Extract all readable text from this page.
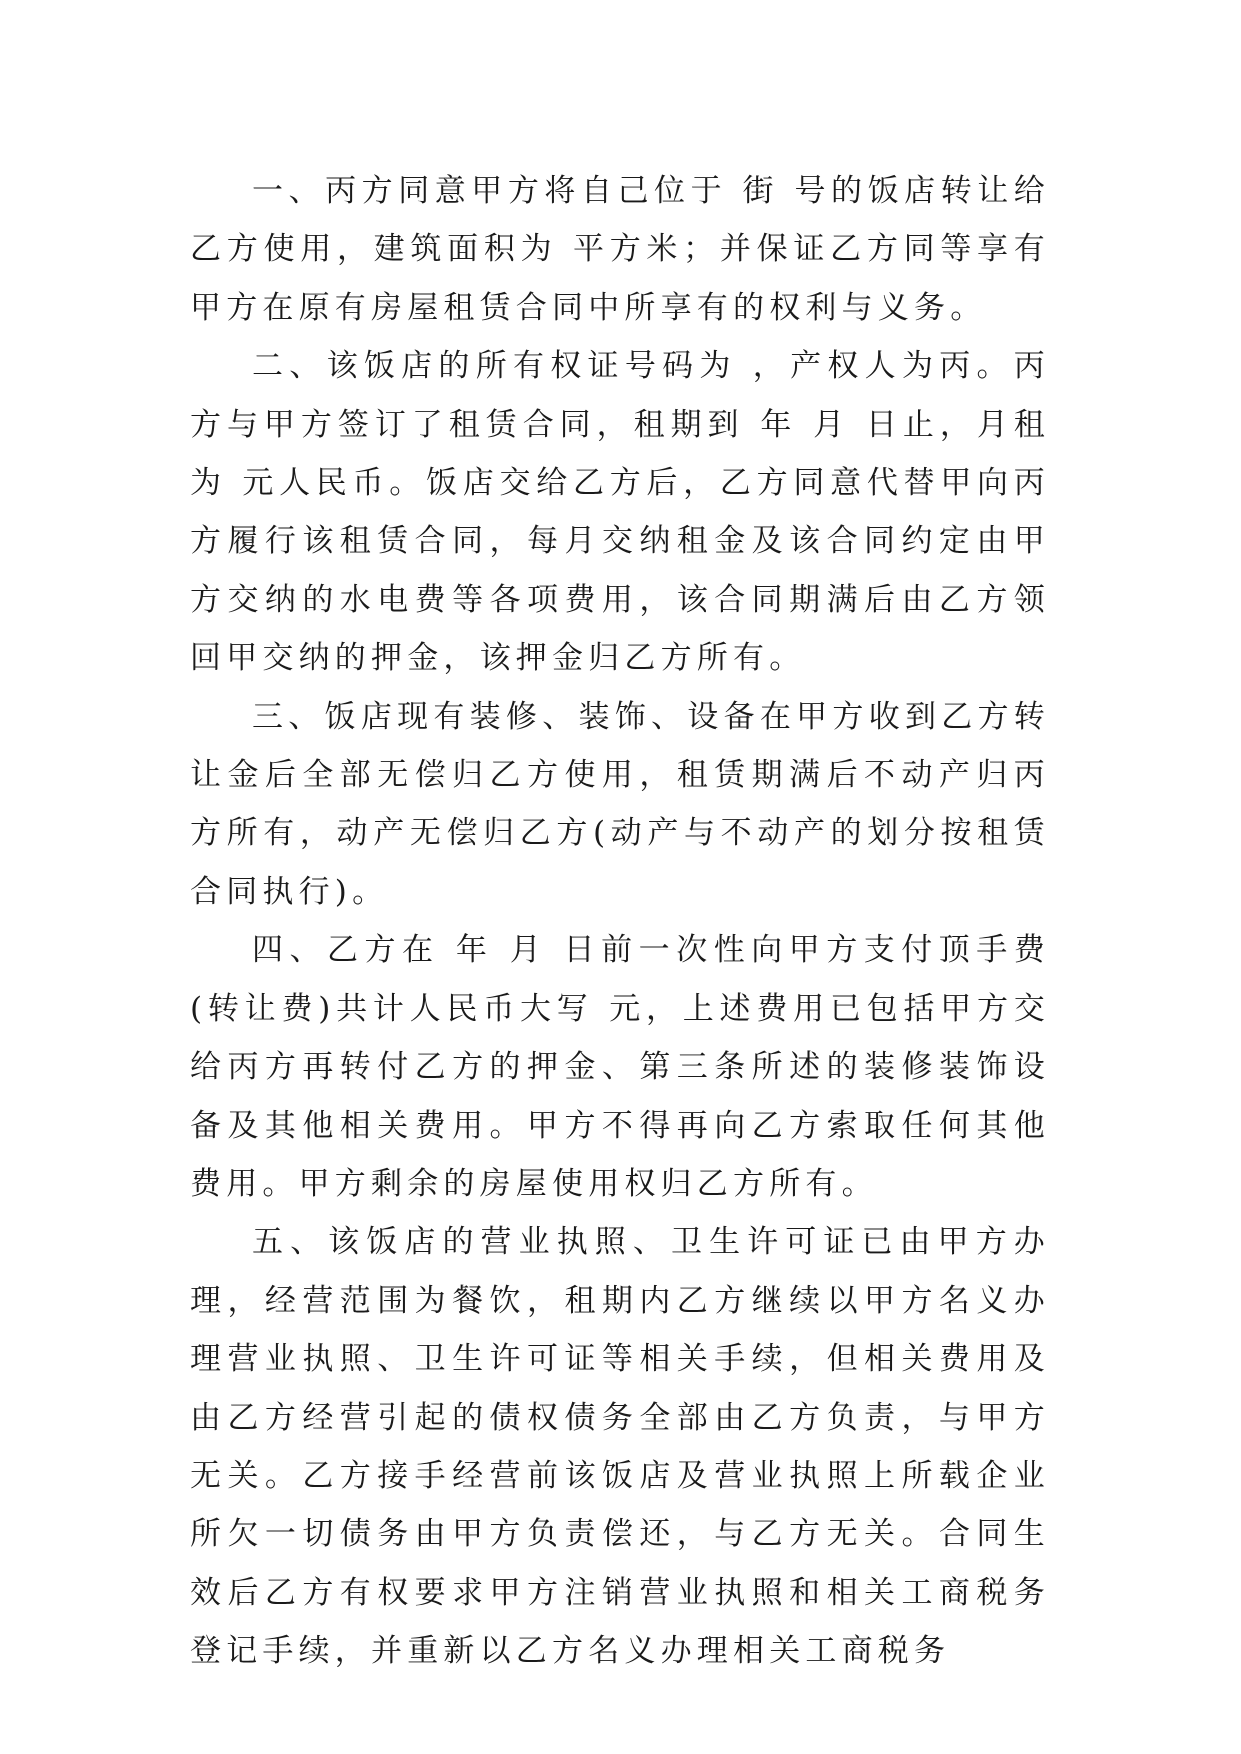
一、丙方同意甲方将自己位于 街 号的饭店转让给乙方使用，建筑面积为 平方米；并保证乙方同等享有甲方在原有房屋租赁合同中所享有的权利与义务。

二、该饭店的所有权证号码为 ，产权人为丙。丙方与甲方签订了租赁合同，租期到 年 月 日止，月租为 元人民币。饭店交给乙方后，乙方同意代替甲向丙方履行该租赁合同，每月交纳租金及该合同约定由甲方交纳的水电费等各项费用，该合同期满后由乙方领回甲交纳的押金，该押金归乙方所有。

三、饭店现有装修、装饰、设备在甲方收到乙方转让金后全部无偿归乙方使用，租赁期满后不动产归丙方所有，动产无偿归乙方(动产与不动产的划分按租赁合同执行)。

四、乙方在 年 月 日前一次性向甲方支付顶手费(转让费)共计人民币大写 元，上述费用已包括甲方交给丙方再转付乙方的押金、第三条所述的装修装饰设备及其他相关费用。甲方不得再向乙方索取任何其他费用。甲方剩余的房屋使用权归乙方所有。

五、该饭店的营业执照、卫生许可证已由甲方办理，经营范围为餐饮，租期内乙方继续以甲方名义办理营业执照、卫生许可证等相关手续，但相关费用及由乙方经营引起的债权债务全部由乙方负责，与甲方无关。乙方接手经营前该饭店及营业执照上所载企业所欠一切债务由甲方负责偿还，与乙方无关。合同生效后乙方有权要求甲方注销营业执照和相关工商税务登记手续，并重新以乙方名义办理相关工商税务
